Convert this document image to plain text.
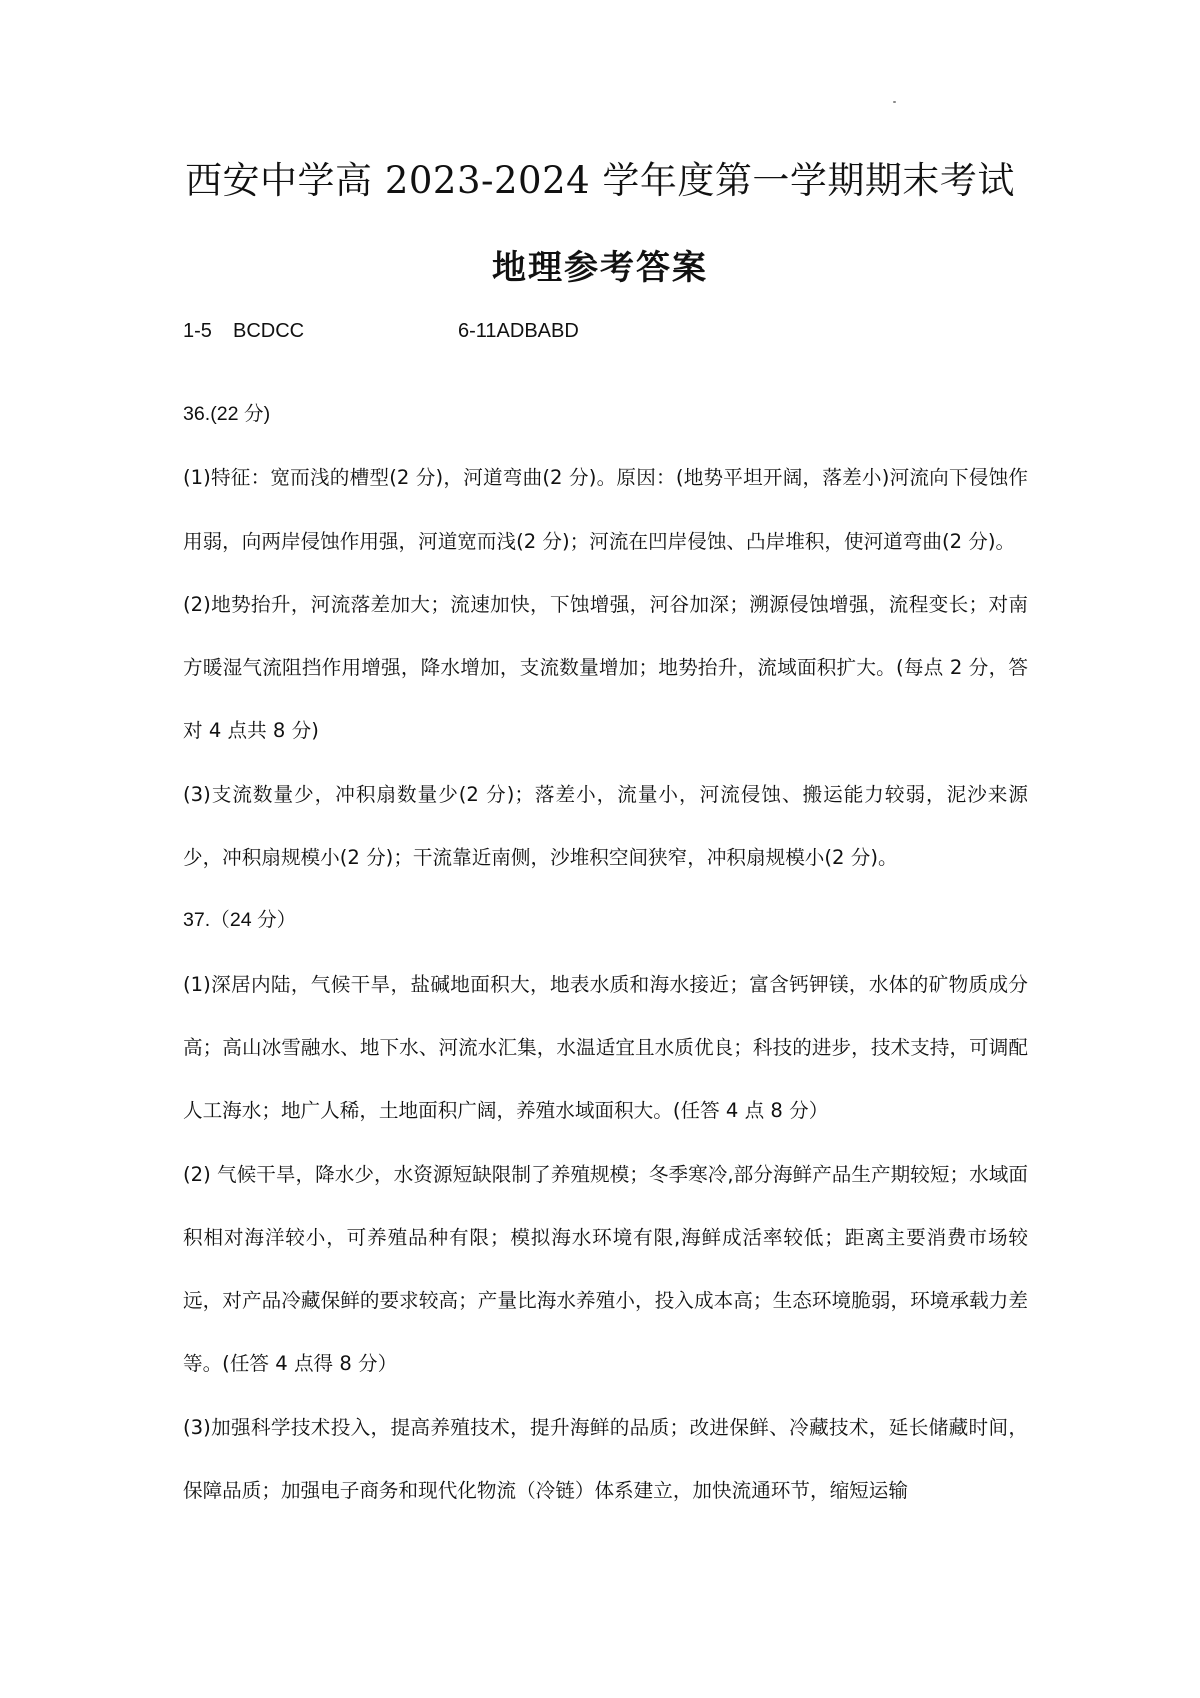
西安中学高 2023-2024 学年度第一学期期末考试
地理参考答案
1-5 BCDCC	6-11ADBABD

36.(22 分)

(1)特征：宽而浅的槽型(2 分)，河道弯曲(2 分)。原因：(地势平坦开阔，落差小)河流向下侵蚀作用弱，向两岸侵蚀作用强，河道宽而浅(2 分)；河流在凹岸侵蚀、凸岸堆积，使河道弯曲(2 分)。

(2)地势抬升，河流落差加大；流速加快，下蚀增强，河谷加深；溯源侵蚀增强，流程变长；对南方暖湿气流阻挡作用增强，降水增加，支流数量增加；地势抬升，流域面积扩大。(每点 2 分，答对 4 点共 8 分)

(3)支流数量少，冲积扇数量少(2 分)；落差小，流量小，河流侵蚀、搬运能力较弱，泥沙来源少，冲积扇规模小(2 分)；干流靠近南侧，沙堆积空间狭窄，冲积扇规模小(2 分)。

37.（24 分）

(1)深居内陆，气候干旱，盐碱地面积大，地表水质和海水接近；富含钙钾镁，水体的矿物质成分高；高山冰雪融水、地下水、河流水汇集，水温适宜且水质优良；科技的进步，技术支持，可调配人工海水；地广人稀，土地面积广阔，养殖水域面积大。(任答 4 点 8 分）

(2) 气候干旱，降水少，水资源短缺限制了养殖规模；冬季寒冷,部分海鲜产品生产期较短；水域面积相对海洋较小，可养殖品种有限；模拟海水环境有限,海鲜成活率较低；距离主要消费市场较远，对产品冷藏保鲜的要求较高；产量比海水养殖小，投入成本高；生态环境脆弱，环境承载力差等。(任答 4 点得 8 分）

(3)加强科学技术投入，提高养殖技术，提升海鲜的品质；改进保鲜、冷藏技术，延长储藏时间，保障品质；加强电子商务和现代化物流（冷链）体系建立，加快流通环节，缩短运输
